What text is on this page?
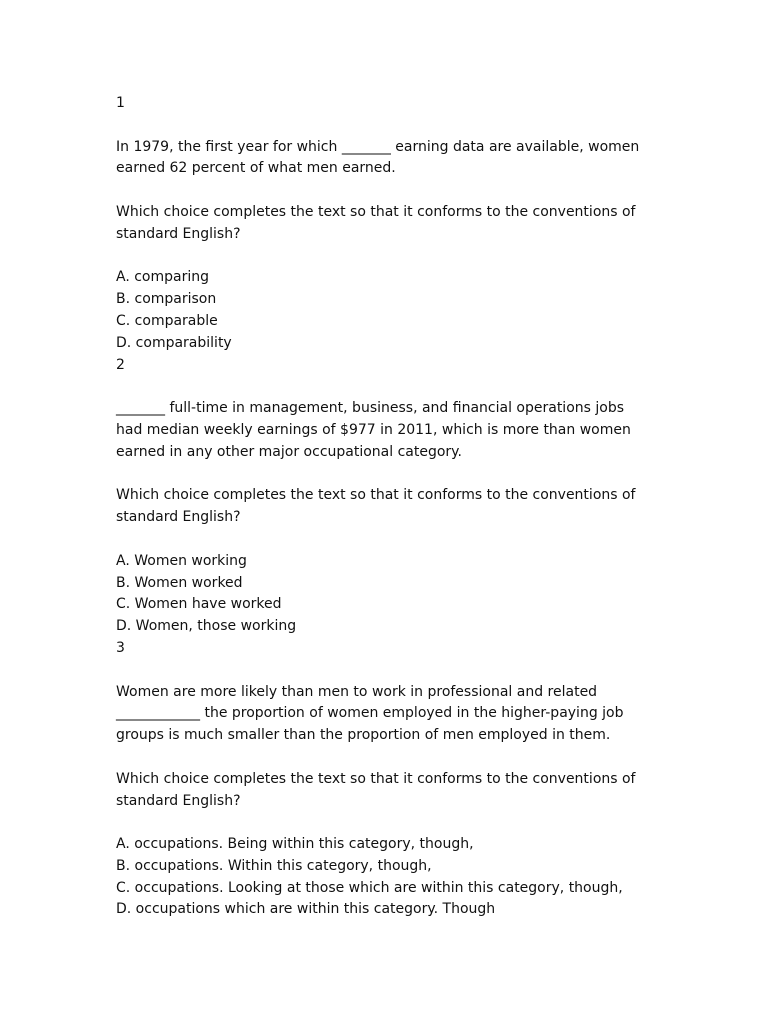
1

In 1979, the first year for which _______ earning data are available, women

earned 62 percent of what men earned.

Which choice completes the text so that it conforms to the conventions of

standard English?

A. comparing

B. comparison

C. comparable

D. comparability

2

_______ full-time in management, business, and financial operations jobs

had median weekly earnings of $977 in 2011, which is more than women

earned in any other major occupational category.

Which choice completes the text so that it conforms to the conventions of

standard English?

A. Women working

B. Women worked

C. Women have worked

D. Women, those working

3

Women are more likely than men to work in professional and related

____________ the proportion of women employed in the higher-paying job

groups is much smaller than the proportion of men employed in them.

Which choice completes the text so that it conforms to the conventions of

standard English?

A. occupations. Being within this category, though,

B. occupations. Within this category, though,

C. occupations. Looking at those which are within this category, though,

D. occupations which are within this category. Though
